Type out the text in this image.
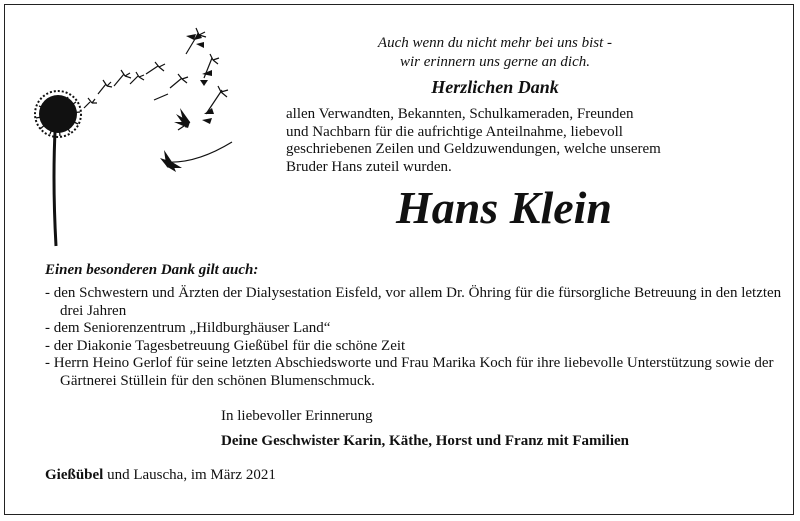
Auch wenn du nicht mehr bei uns bist -
wir erinnern uns gerne an dich.
Herzlichen Dank
allen Verwandten, Bekannten, Schulkameraden, Freunden
und Nachbarn für die aufrichtige Anteilnahme, liebevoll
geschriebenen Zeilen und Geldzuwendungen, welche unserem
Bruder Hans zuteil wurden.
Hans Klein
Einen besonderen Dank gilt auch:
- den Schwestern und Ärzten der Dialysestation Eisfeld, vor allem Dr. Öhring für die fürsorgliche Betreuung in den letzten drei Jahren
- dem Seniorenzentrum „Hildburghäuser Land“
- der Diakonie Tagesbetreuung Gießübel für die schöne Zeit
- Herrn Heino Gerlof für seine letzten Abschiedsworte und Frau Marika Koch für ihre liebevolle Unterstützung sowie der Gärtnerei Stüllein für den schönen Blumenschmuck.
In liebevoller Erinnerung
Deine Geschwister Karin, Käthe, Horst und Franz mit Familien
Gießübel und Lauscha, im März 2021
